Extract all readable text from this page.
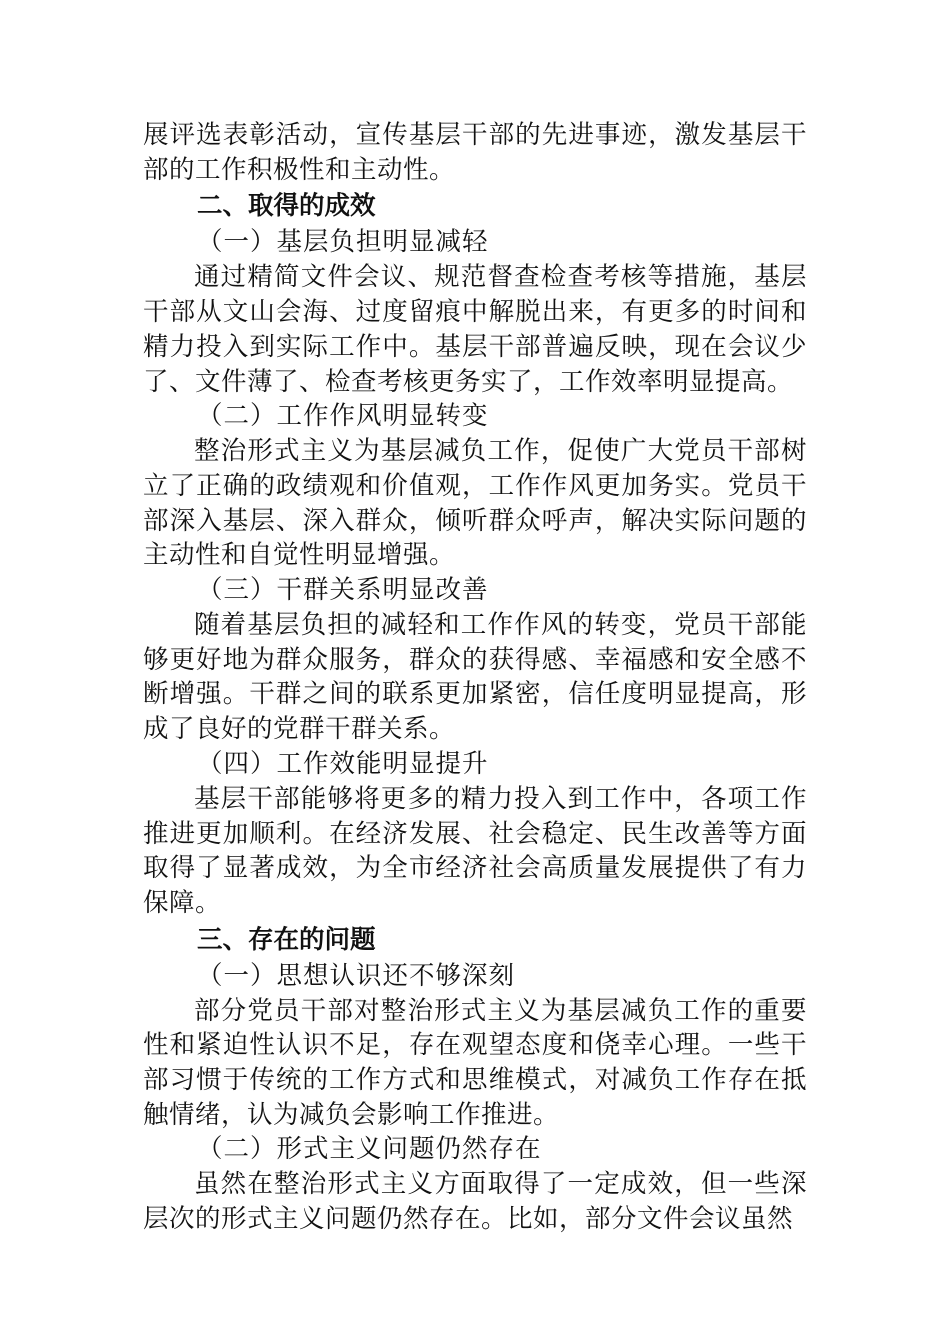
展评选表彰活动，宣传基层干部的先进事迹，激发基层干部的工作积极性和主动性。

二、取得的成效

（一）基层负担明显减轻

通过精简文件会议、规范督查检查考核等措施，基层干部从文山会海、过度留痕中解脱出来，有更多的时间和精力投入到实际工作中。基层干部普遍反映，现在会议少了、文件薄了、检查考核更务实了，工作效率明显提高。

（二）工作作风明显转变

整治形式主义为基层减负工作，促使广大党员干部树立了正确的政绩观和价值观，工作作风更加务实。党员干部深入基层、深入群众，倾听群众呼声，解决实际问题的主动性和自觉性明显增强。

（三）干群关系明显改善

随着基层负担的减轻和工作作风的转变，党员干部能够更好地为群众服务，群众的获得感、幸福感和安全感不断增强。干群之间的联系更加紧密，信任度明显提高，形成了良好的党群干群关系。

（四）工作效能明显提升

基层干部能够将更多的精力投入到工作中，各项工作推进更加顺利。在经济发展、社会稳定、民生改善等方面取得了显著成效，为全市经济社会高质量发展提供了有力保障。

三、存在的问题

（一）思想认识还不够深刻

部分党员干部对整治形式主义为基层减负工作的重要性和紧迫性认识不足，存在观望态度和侥幸心理。一些干部习惯于传统的工作方式和思维模式，对减负工作存在抵触情绪，认为减负会影响工作推进。

（二）形式主义问题仍然存在

虽然在整治形式主义方面取得了一定成效，但一些深层次的形式主义问题仍然存在。比如，部分文件会议虽然
